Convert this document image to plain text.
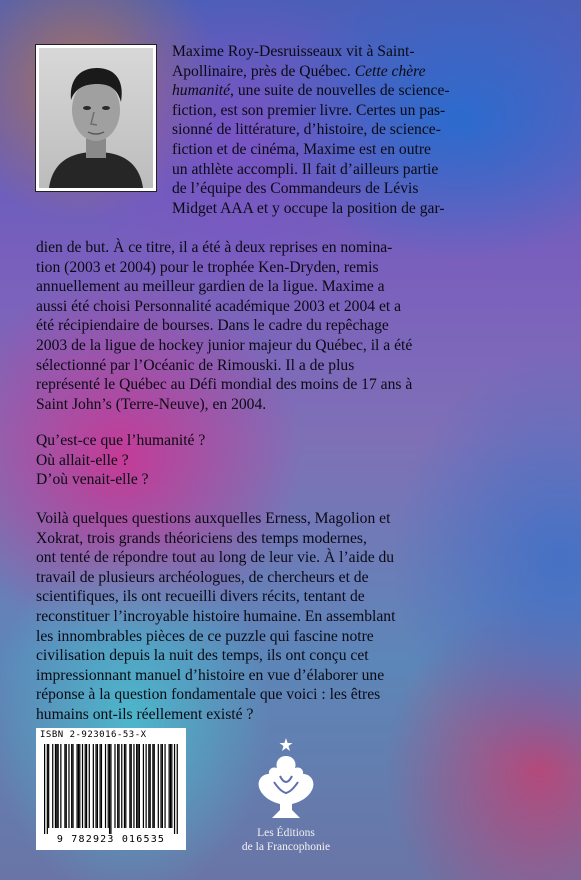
Maxime Roy-Desruisseaux vit à Saint-
Apollinaire, près de Québec. Cette chère
humanité, une suite de nouvelles de science-
fiction, est son premier livre. Certes un pas-
sionné de littérature, d’histoire, de science-
fiction et de cinéma, Maxime est en outre
un athlète accompli. Il fait d’ailleurs partie
de l’équipe des Commandeurs de Lévis
Midget AAA et y occupe la position de gar-
dien de but. À ce titre, il a été à deux reprises en nomina-
tion (2003 et 2004) pour le trophée Ken-Dryden, remis
annuellement au meilleur gardien de la ligue. Maxime a
aussi été choisi Personnalité académique 2003 et 2004 et a
été récipiendaire de bourses. Dans le cadre du repêchage
2003 de la ligue de hockey junior majeur du Québec, il a été
sélectionné par l’Océanic de Rimouski. Il a de plus
représenté le Québec au Défi mondial des moins de 17 ans à
Saint John’s (Terre-Neuve), en 2004.
Qu’est-ce que l’humanité ?
Où allait-elle ?
D’où venait-elle ?
Voilà quelques questions auxquelles Erness, Magolion et
Xokrat, trois grands théoriciens des temps modernes,
ont tenté de répondre tout au long de leur vie. À l’aide du
travail de plusieurs archéologues, de chercheurs et de
scientifiques, ils ont recueilli divers récits, tentant de
reconstituer l’incroyable histoire humaine. En assemblant
les innombrables pièces de ce puzzle qui fascine notre
civilisation depuis la nuit des temps, ils ont conçu cet
impressionnant manuel d’histoire en vue d’élaborer une
réponse à la question fondamentale que voici : les êtres
humains ont-ils réellement existé ?
ISBN 2-923016-53-X
9 782923 016535
Les Éditions
de la Francophonie
